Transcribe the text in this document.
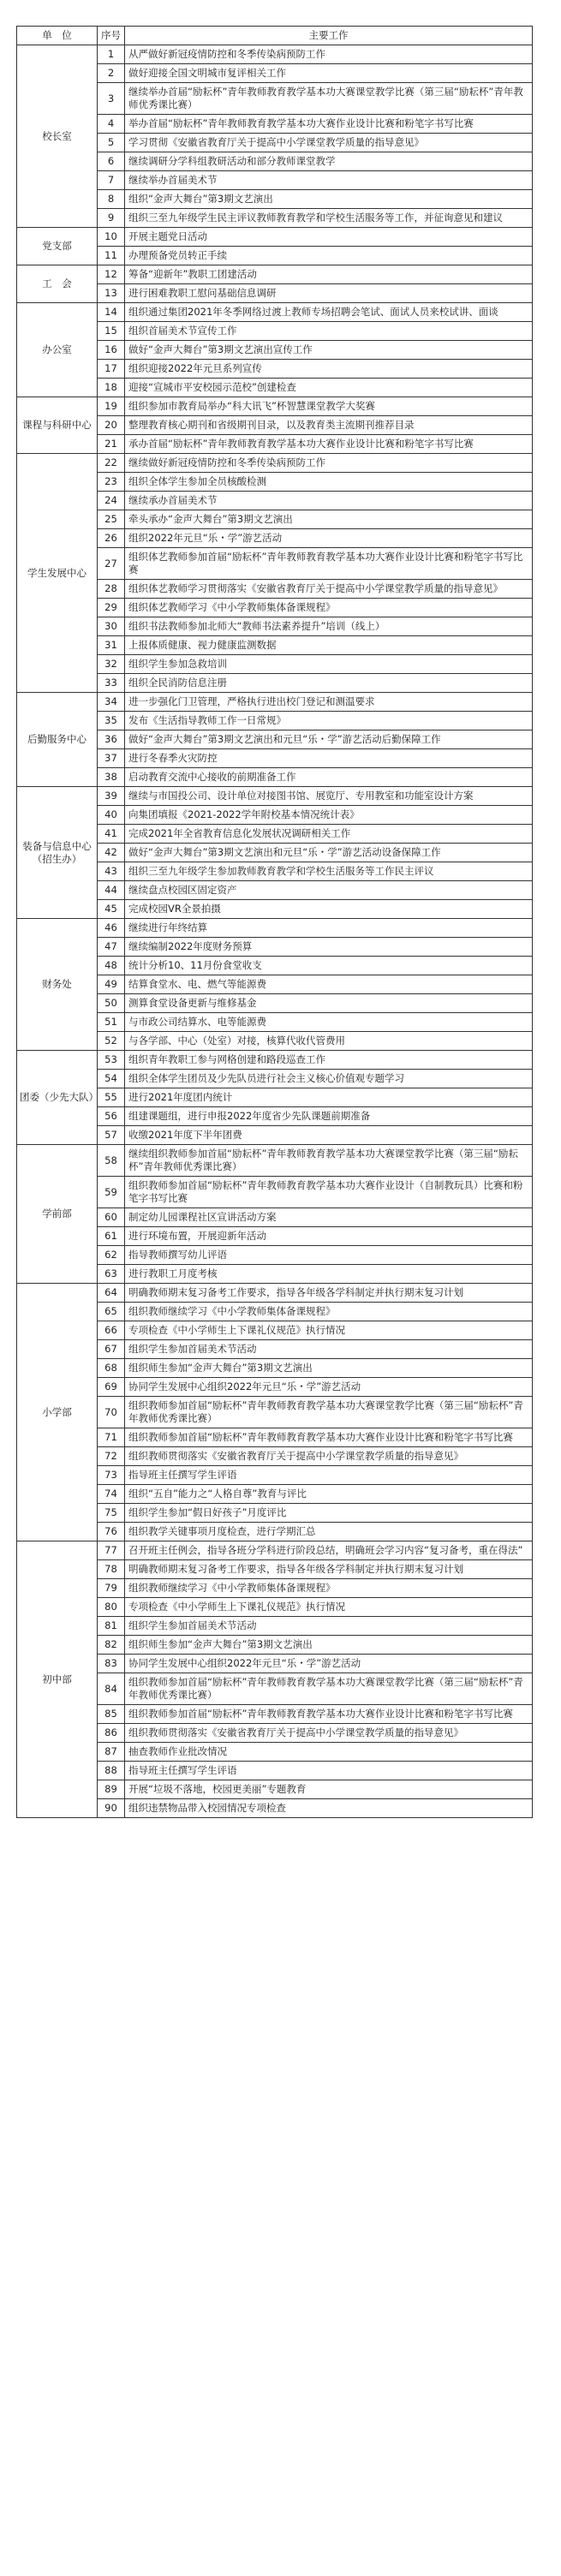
单　位	序号	主要工作
校长室	1	从严做好新冠疫情防控和冬季传染病预防工作
	2	做好迎接全国文明城市复评相关工作
	3	继续举办首届“励耘杯”青年教师教育教学基本功大赛课堂教学比赛（第三届“励耘杯”青年教师优秀课比赛）
	4	举办首届“励耘杯”青年教师教育教学基本功大赛作业设计比赛和粉笔字书写比赛
	5	学习贯彻《安徽省教育厅关于提高中小学课堂教学质量的指导意见》
	6	继续调研分学科组教研活动和部分教师课堂教学
	7	继续举办首届美术节
	8	组织“金声大舞台”第3期文艺演出
	9	组织三至九年级学生民主评议教师教育教学和学校生活服务等工作，并征询意见和建议
党支部	10	开展主题党日活动
	11	办理预备党员转正手续
工　会	12	筹备“迎新年”教职工团建活动
	13	进行困难教职工慰问基础信息调研
办公室	14	组织通过集团2021年冬季网络过渡上教师专场招聘会笔试、面试人员来校试讲、面谈
	15	组织首届美术节宣传工作
	16	做好“金声大舞台”第3期文艺演出宣传工作
	17	组织迎接2022年元旦系列宣传
	18	迎接“宣城市平安校园示范校”创建检查
课程与科研中心	19	组织参加市教育局举办“科大讯飞”杯智慧课堂教学大奖赛
	20	整理教育核心期刊和省级期刊目录，以及教育类主流期刊推荐目录
	21	承办首届“励耘杯”青年教师教育教学基本功大赛作业设计比赛和粉笔字书写比赛
学生发展中心	22	继续做好新冠疫情防控和冬季传染病预防工作
	23	组织全体学生参加全员核酸检测
	24	继续承办首届美术节
	25	牵头承办“金声大舞台”第3期文艺演出
	26	组织2022年元旦“乐・学”游艺活动
	27	组织体艺教师参加首届“励耘杯”青年教师教育教学基本功大赛作业设计比赛和粉笔字书写比赛
	28	组织体艺教师学习贯彻落实《安徽省教育厅关于提高中小学课堂教学质量的指导意见》
	29	组织体艺教师学习《中小学教师集体备课规程》
	30	组织书法教师参加北师大“教师书法素养提升”培训（线上）
	31	上报体质健康、视力健康监测数据
	32	组织学生参加急救培训
	33	组织全民消防信息注册
后勤服务中心	34	进一步强化门卫管理，严格执行进出校门登记和测温要求
	35	发布《生活指导教师工作一日常规》
	36	做好“金声大舞台”第3期文艺演出和元旦“乐・学”游艺活动后勤保障工作
	37	进行冬春季火灾防控
	38	启动教育交流中心接收的前期准备工作
装备与信息中心（招生办）	39	继续与市国投公司、设计单位对接图书馆、展览厅、专用教室和功能室设计方案
	40	向集团填报《2021-2022学年附校基本情况统计表》
	41	完成2021年全省教育信息化发展状况调研相关工作
	42	做好“金声大舞台”第3期文艺演出和元旦“乐・学”游艺活动设备保障工作
	43	组织三至九年级学生参加教师教育教学和学校生活服务等工作民主评议
	44	继续盘点校园区固定资产
	45	完成校园VR全景拍摄
财务处	46	继续进行年终结算
	47	继续编制2022年度财务预算
	48	统计分析10、11月份食堂收支
	49	结算食堂水、电、燃气等能源费
	50	测算食堂设备更新与维修基金
	51	与市政公司结算水、电等能源费
	52	与各学部、中心（处室）对接，核算代收代管费用
团委（少先大队）	53	组织青年教职工参与网格创建和路段巡查工作
	54	组织全体学生团员及少先队员进行社会主义核心价值观专题学习
	55	进行2021年度团内统计
	56	组建课题组，进行申报2022年度省少先队课题前期准备
	57	收缴2021年度下半年团费
学前部	58	继续组织教师参加首届“励耘杯”青年教师教育教学基本功大赛课堂教学比赛（第三届“励耘杯”青年教师优秀课比赛）
	59	组织教师参加首届“励耘杯”青年教师教育教学基本功大赛作业设计（自制教玩具）比赛和粉笔字书写比赛
	60	制定幼儿园课程社区宣讲活动方案
	61	进行环境布置，开展迎新年活动
	62	指导教师撰写幼儿评语
	63	进行教职工月度考核
小学部	64	明确教师期末复习备考工作要求，指导各年级各学科制定并执行期末复习计划
	65	组织教师继续学习《中小学教师集体备课规程》
	66	专项检查《中小学师生上下课礼仪规范》执行情况
	67	组织学生参加首届美术节活动
	68	组织师生参加“金声大舞台”第3期文艺演出
	69	协同学生发展中心组织2022年元旦“乐・学”游艺活动
	70	组织教师参加首届“励耘杯”青年教师教育教学基本功大赛课堂教学比赛（第三届“励耘杯”青年教师优秀课比赛）
	71	组织教师参加首届“励耘杯”青年教师教育教学基本功大赛作业设计比赛和粉笔字书写比赛
	72	组织教师贯彻落实《安徽省教育厅关于提高中小学课堂教学质量的指导意见》
	73	指导班主任撰写学生评语
	74	组织“五自”能力之“人格自尊”教育与评比
	75	组织学生参加“假日好孩子”月度评比
	76	组织教学关键事项月度检查，进行学期汇总
初中部	77	召开班主任例会，指导各班分学科进行阶段总结，明确班会学习内容“复习备考，重在得法”
	78	明确教师期末复习备考工作要求，指导各年级各学科制定并执行期末复习计划
	79	组织教师继续学习《中小学教师集体备课规程》
	80	专项检查《中小学师生上下课礼仪规范》执行情况
	81	组织学生参加首届美术节活动
	82	组织师生参加“金声大舞台”第3期文艺演出
	83	协同学生发展中心组织2022年元旦“乐・学”游艺活动
	84	组织教师参加首届“励耘杯”青年教师教育教学基本功大赛课堂教学比赛（第三届“励耘杯”青年教师优秀课比赛）
	85	组织教师参加首届“励耘杯”青年教师教育教学基本功大赛作业设计比赛和粉笔字书写比赛
	86	组织教师贯彻落实《安徽省教育厅关于提高中小学课堂教学质量的指导意见》
	87	抽查教师作业批改情况
	88	指导班主任撰写学生评语
	89	开展“垃圾不落地，校园更美丽”专题教育
	90	组织违禁物品带入校园情况专项检查
